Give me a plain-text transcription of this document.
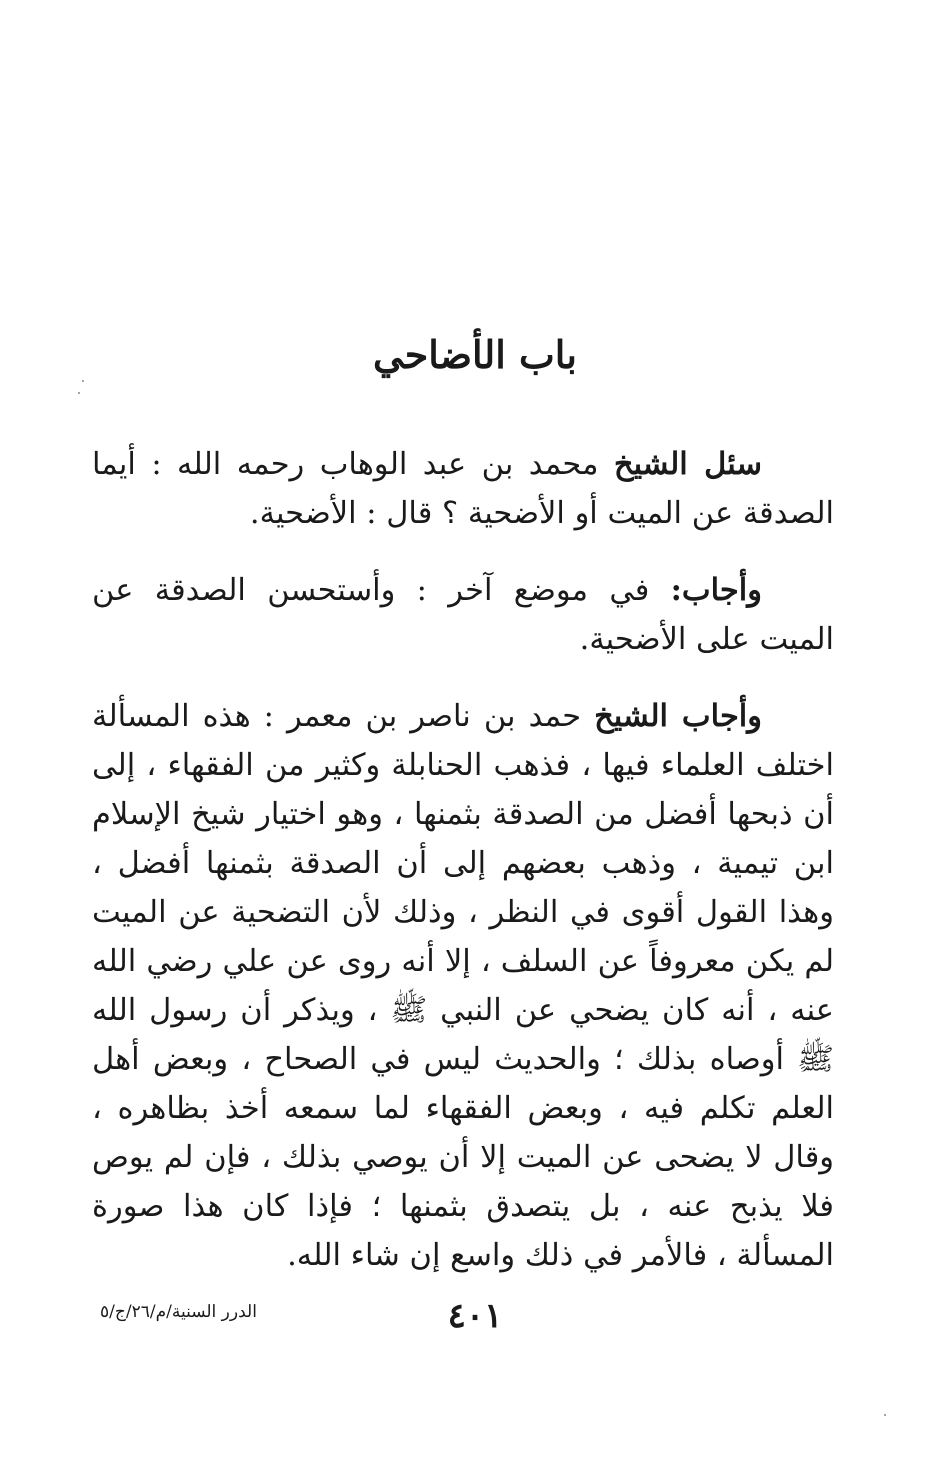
باب الأضاحي

سئل الشيخ محمد بن عبد الوهاب رحمه الله : أيما الصدقة عن الميت أو الأضحية ؟ قال : الأضحية.

وأجاب: في موضع آخر : وأستحسن الصدقة عن الميت على الأضحية.

وأجاب الشيخ حمد بن ناصر بن معمر : هذه المسألة اختلف العلماء فيها ، فذهب الحنابلة وكثير من الفقهاء ، إلى أن ذبحها أفضل من الصدقة بثمنها ، وهو اختيار شيخ الإسلام ابن تيمية ، وذهب بعضهم إلى أن الصدقة بثمنها أفضل ، وهذا القول أقوى في النظر ، وذلك لأن التضحية عن الميت لم يكن معروفاً عن السلف ، إلا أنه روى عن علي رضي الله عنه ، أنه كان يضحي عن النبي ﷺ ، ويذكر أن رسول الله ﷺ أوصاه بذلك ؛ والحديث ليس في الصحاح ، وبعض أهل العلم تكلم فيه ، وبعض الفقهاء لما سمعه أخذ بظاهره ، وقال لا يضحى عن الميت إلا أن يوصي بذلك ، فإن لم يوص فلا يذبح عنه ، بل يتصدق بثمنها ؛ فإذا كان هذا صورة المسألة ، فالأمر في ذلك واسع إن شاء الله.

الدرر السنية/م/٢٦/ج/٥	٤٠١
